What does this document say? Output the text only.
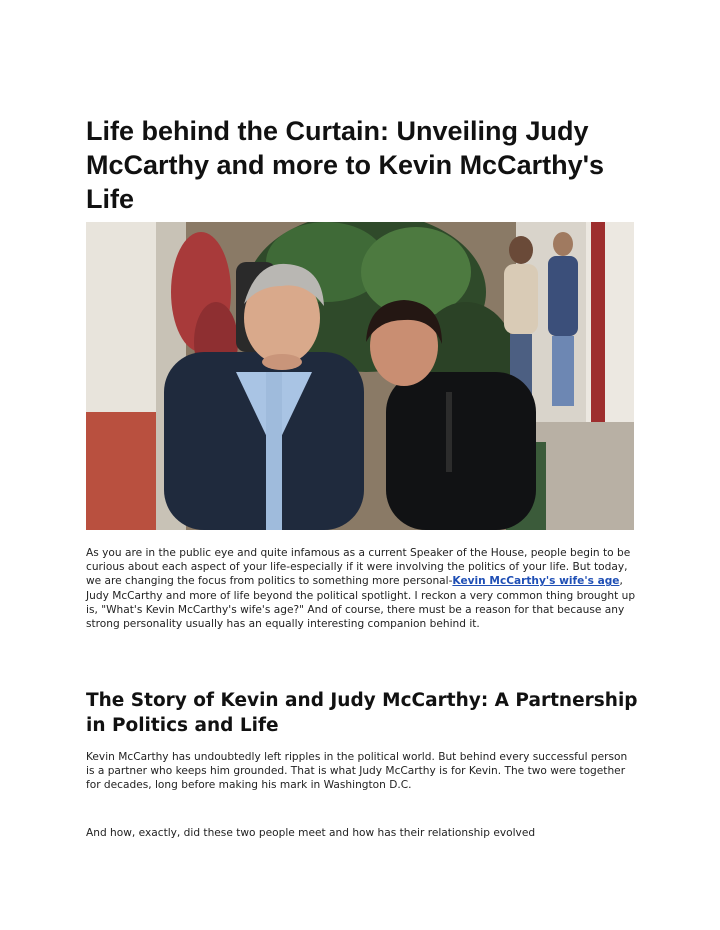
Life behind the Curtain: Unveiling Judy McCarthy and more to Kevin McCarthy's Life

As you are in the public eye and quite infamous as a current Speaker of the House, people begin to be curious about each aspect of your life-especially if it were involving the politics of your life. But today, we are changing the focus from politics to something more personal-Kevin McCarthy's wife's age, Judy McCarthy and more of life beyond the political spotlight. I reckon a very common thing brought up is, "What's Kevin McCarthy's wife's age?" And of course, there must be a reason for that because any strong personality usually has an equally interesting companion behind it.

The Story of Kevin and Judy McCarthy: A Partnership in Politics and Life

Kevin McCarthy has undoubtedly left ripples in the political world. But behind every successful person is a partner who keeps him grounded. That is what Judy McCarthy is for Kevin. The two were together for decades, long before making his mark in Washington D.C.

And how, exactly, did these two people meet and how has their relationship evolved
